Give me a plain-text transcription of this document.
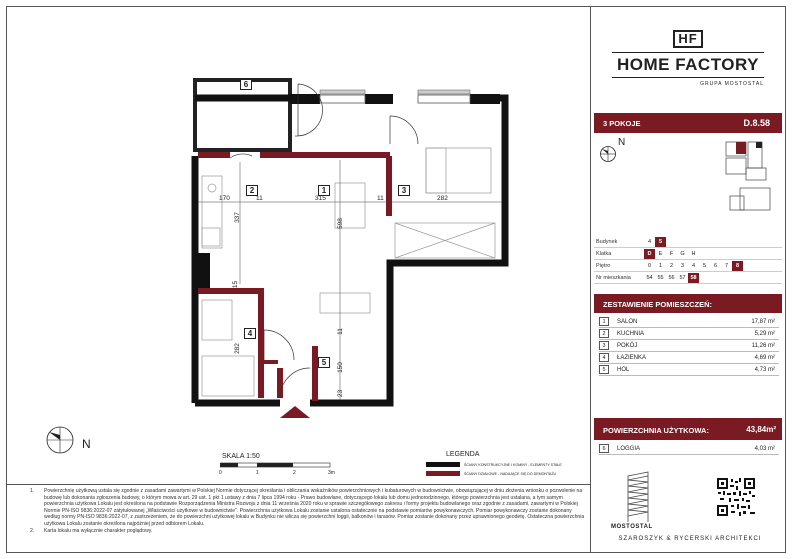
HF
HOME FACTORY
GRUPA MOSTOSTAL
3 POKOJE	D.8.58
N
Budynek	4	5
Klatka	D	E	F	G	H
Piętro	0	1	2	3	4	5	6	7	8
Nr mieszkania	54 55 56 57 58
ZESTAWIENIE POMIESZCZEŃ:
1	SALON	17,87 m²
2	KUCHNIA	5,29 m²
3	POKÓJ	11,26 m²
4	ŁAZIENKA	4,69 m²
5	HOL	4,73 m²
POWIERZCHNIA UŻYTKOWA:	43,84m²
6	LOGGIA	4,03 m²
MOSTOSTAL
SZAROSZYK & RYCERSKI ARCHITEKCI
1.	Powierzchnię użytkową ustala się zgodnie z zasadami zawartymi w Polskiej Normie dotyczącej określania i obliczania wskaźników powierzchniowych i kubaturowych w budownictwie, obowiązującej w dniu złożenia wniosku o pozwolenie na budowę lub dokonania zgłoszenia budowy, o którym mowa w art. 29 ust. 1 pkt 1 ustawy z dnia 7 lipca 1994 roku - Prawo budowlane, dotyczącego lokalu lub domu jednorodzinnego, którego powierzchnia jest ustalana, a tym samym powierzchnia użytkowa Lokalu jest określona na podstawie Rozporządzenia Ministra Rozwoju z dnia 11 września 2020 roku w sprawie szczegółowego zakresu i formy projektu budowlanego oraz zgodnie z zasadami, zawartymi w Polskiej Normie PN-ISO 9836:2022-07 zatytułowanej „Właściwości użytkowe w budownictwie”. Powierzchnia użytkowa Lokalu zostanie ustalona ostatecznie na podstawie pomiarów powykonawczych. Pomiar powykonawczy zostanie dokonany według normy PN-ISO 9836:2022-07, z zastrzeżeniem, że do powierzchni użytkowej lokalu w Budynku nie wlicza się powierzchni loggii, balkonów i tarasów. Pomiar zostanie dokonany przez uprawnionego geodetę. Ostateczna powierzchnia użytkowa Lokalu zostanie określona najpóźniej przed odbiorem Lokalu.
2.	Karta lokalu ma wyłącznie charakter poglądowy.
6
2	1	3
4
5
170	11	315	11	282
337
598
15
11
282
150
23
N
SKALA 1:50
0	1	2	3m
LEGENDA
ŚCIANY KONSTRUKCYJNE I KOMINY - ELEMENTY STAŁE
ŚCIANY DZIAŁOWE - NADAJĄCE SIĘ DO DEMONTAŻU
